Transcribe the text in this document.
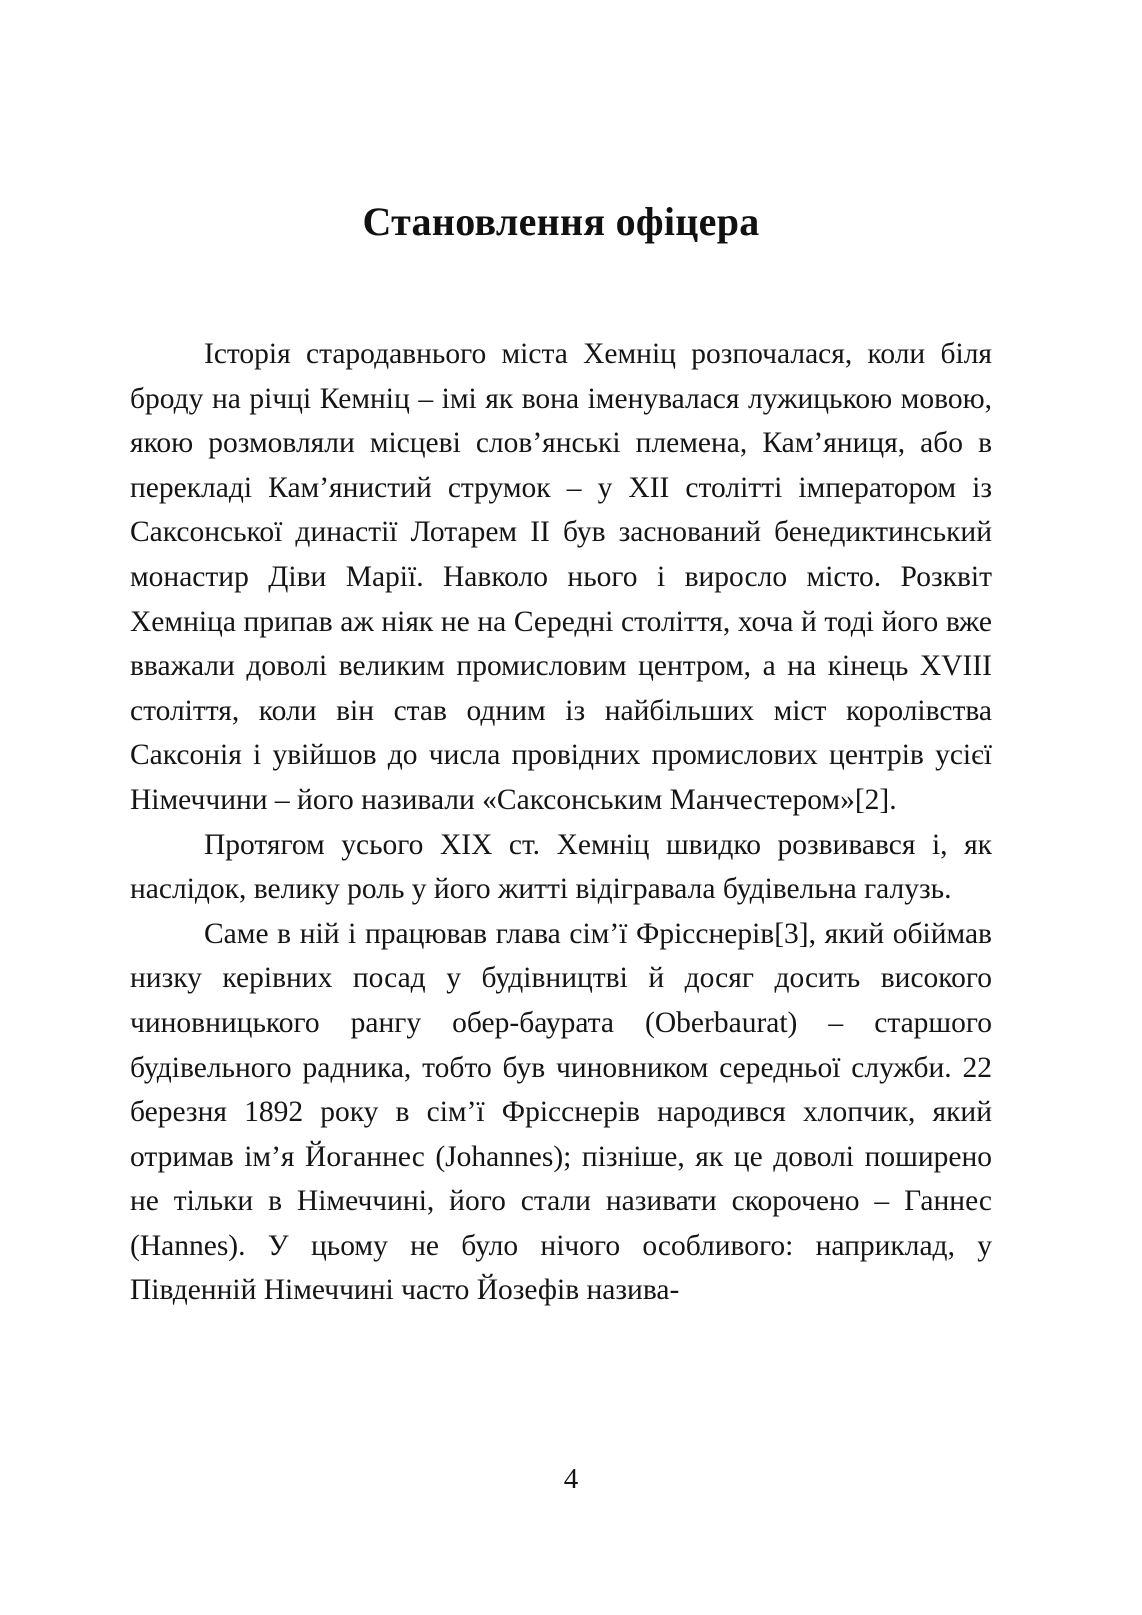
Становлення офіцера

Історія стародавнього міста Хемніц розпочалася, коли біля броду на річці Кемніц – імі як вона іменувалася лужицькою мовою, якою розмовляли місцеві слов’янські племена, Кам’яниця, або в перекладі Кам’янистий струмок – у XII столітті імператором із Саксонської династії Лотарем II був заснований бенедиктинський монастир Діви Марії. Навколо нього і виросло місто. Розквіт Хемніца припав аж ніяк не на Середні століття, хоча й тоді його вже вважали доволі великим промисловим центром, а на кінець XVIII століття, коли він став одним із найбільших міст королівства Саксонія і увійшов до числа провідних промислових центрів усієї Німеччини – його називали «Саксонським Манчестером»[2].

Протягом усього XIX ст. Хемніц швидко розвивався і, як наслідок, велику роль у його житті відігравала будівельна галузь.

Саме в ній і працював глава сім’ї Фрісснерів[3], який обіймав низку керівних посад у будівництві й досяг досить високого чиновницького рангу обер-баурата (Oberbaurat) – старшого будівельного радника, тобто був чиновником середньої служби. 22 березня 1892 року в сім’ї Фрісснерів народився хлопчик, який отримав ім’я Йоганнес (Johannes); пізніше, як це доволі поширено не тільки в Німеччині, його стали називати скорочено – Ганнес (Hannes). У цьому не було нічого особливого: наприклад, у Південній Німеччині часто Йозефів назива-

4
